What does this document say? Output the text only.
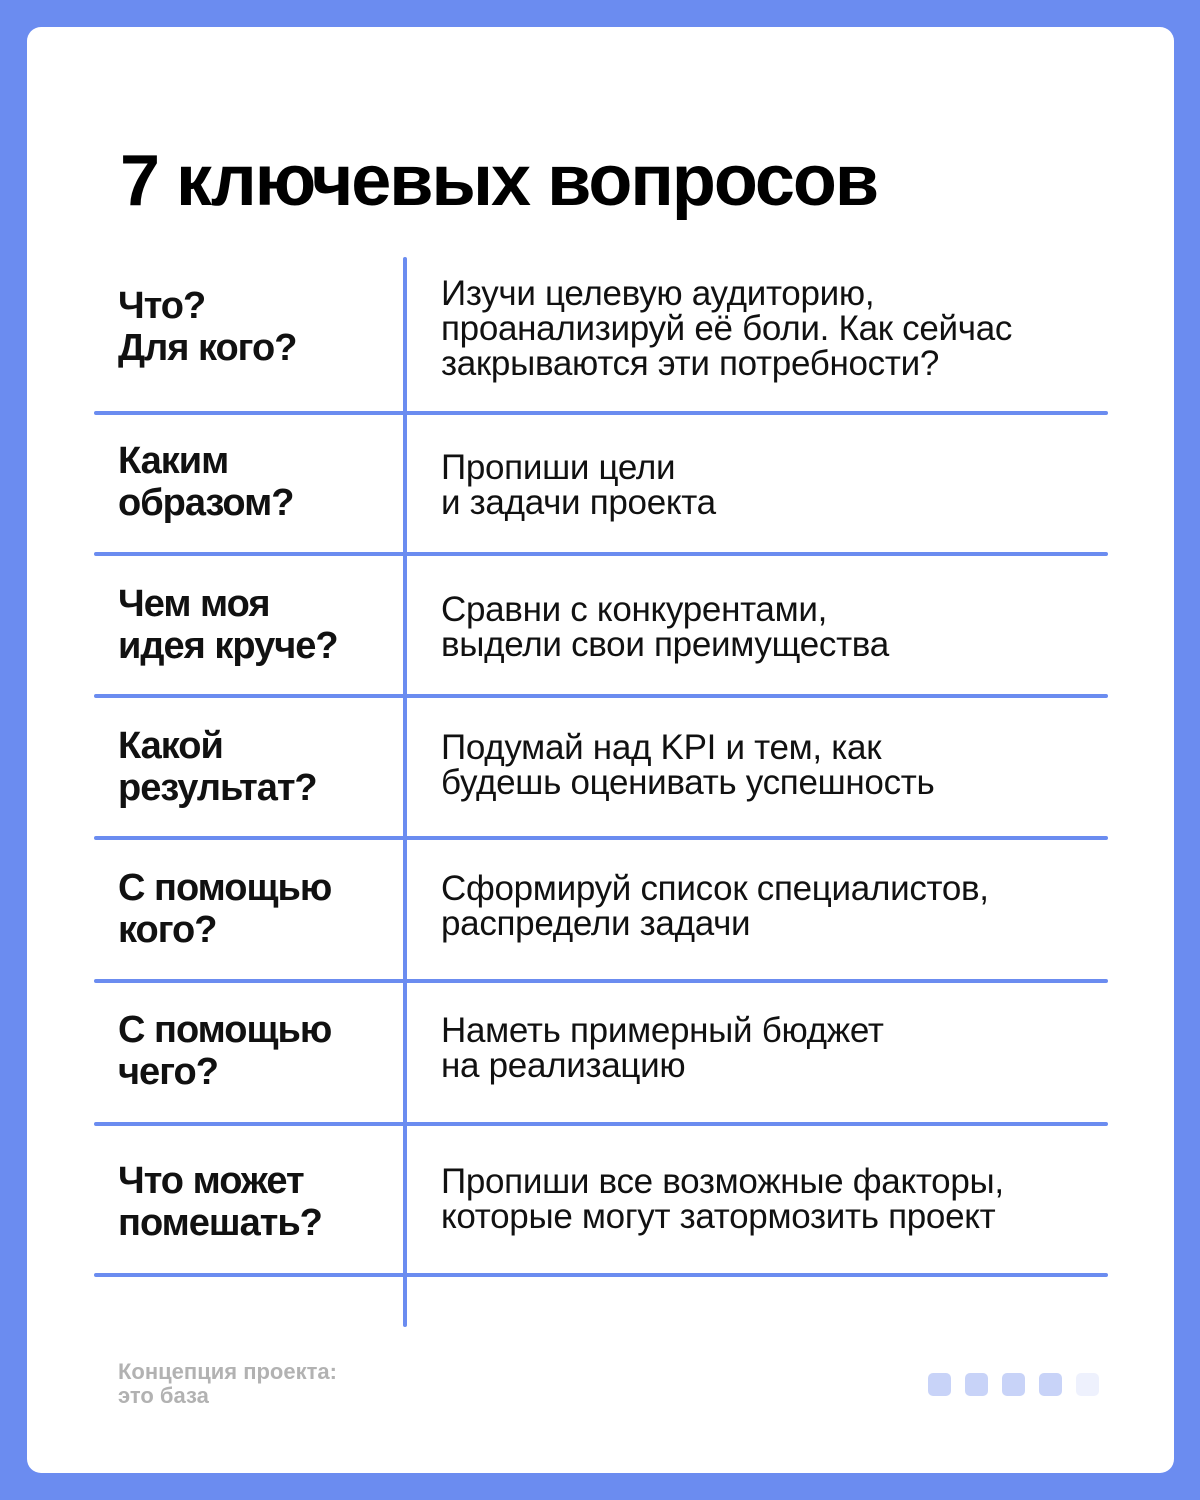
7 ключевых вопросов
Что?
Для кого?
Изучи целевую аудиторию,
проанализируй её боли. Как сейчас
закрываются эти потребности?
Каким
образом?
Пропиши цели
и задачи проекта
Чем моя
идея круче?
Сравни с конкурентами,
выдели свои преимущества
Какой
результат?
Подумай над KPI и тем, как
будешь оценивать успешность
С помощью
кого?
Сформируй список специалистов,
распредели задачи
С помощью
чего?
Наметь примерный бюджет
на реализацию
Что может
помешать?
Пропиши все возможные факторы,
которые могут затормозить проект
Концепция проекта:
это база
